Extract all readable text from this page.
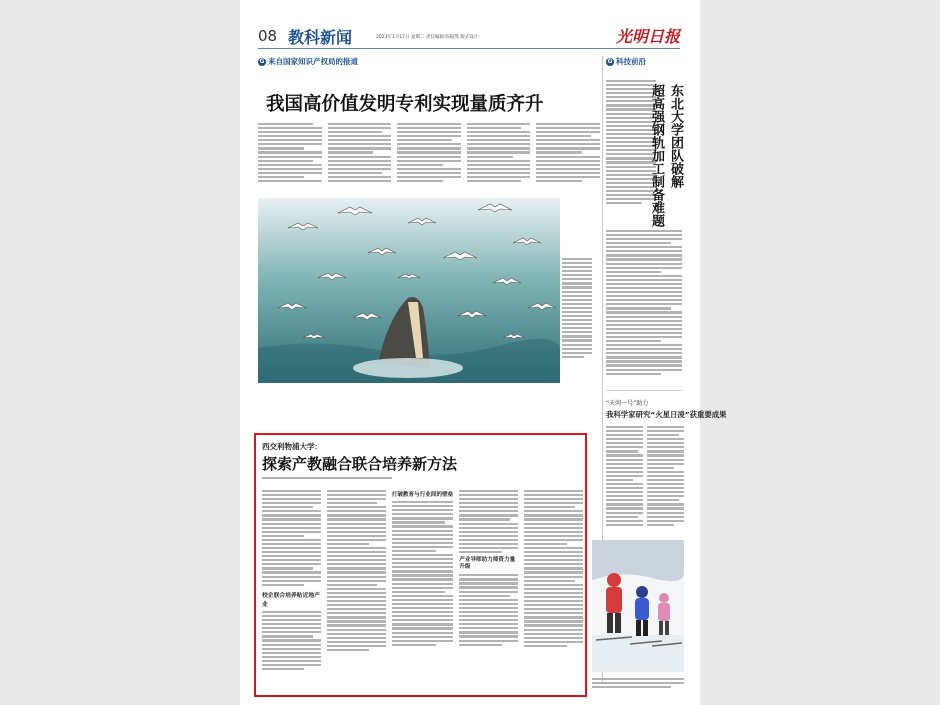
08 教科新闻	2023年1月17日 星期二 责任编辑:陈振凯 版式设计:	光明日报
G 来自国家知识产权局的报道
我国高价值发明专利实现量质齐升
G 科技前沿
东北大学团队破解
超高强钢轨加工制备难题
“天问一号”助力
我科学家研究“火星日凌”获重要成果
西交利物浦大学：
探索产教融合联合培养新方法
校企联合培养贴近地产业
打破教育与行业间的壁垒
产业导师助力师资力量升级
